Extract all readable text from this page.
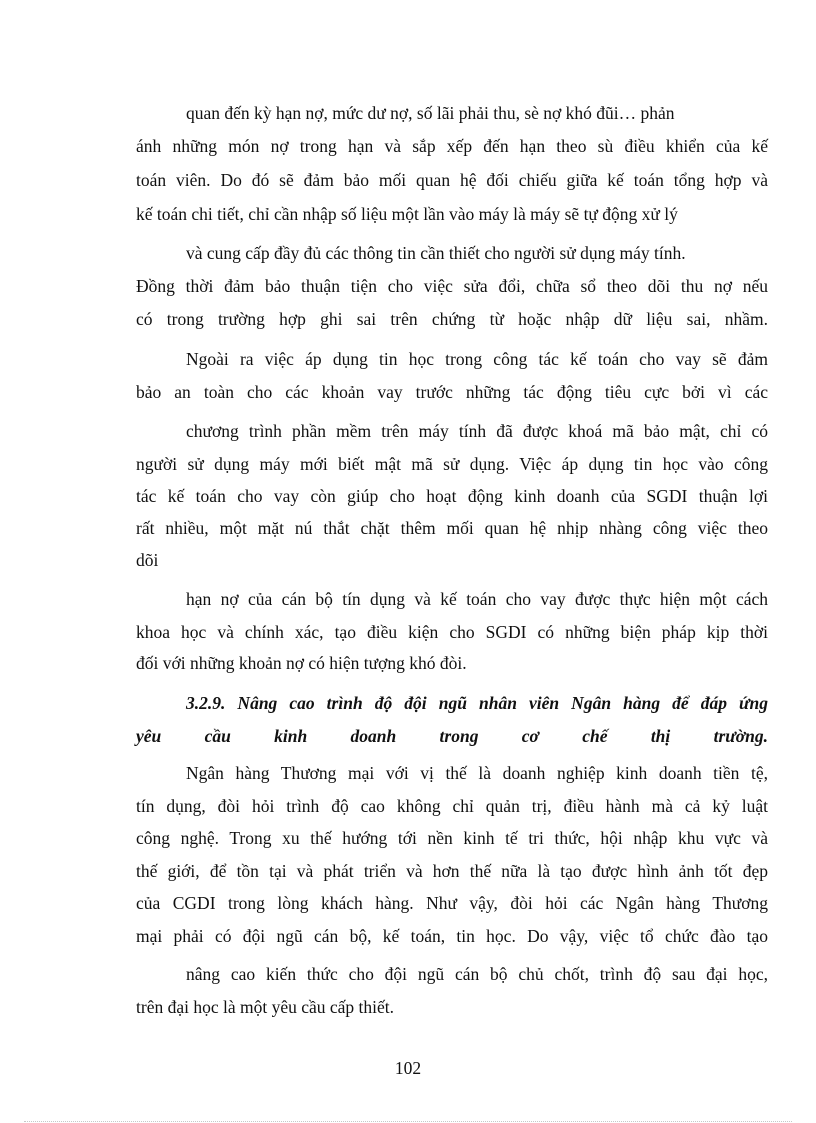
quan đến kỳ hạn nợ, mức dư nợ, số lãi phải thu, sè nợ khó đũi… phản
ánh những món nợ trong hạn và sắp xếp đến hạn theo sù điều khiển của kế
toán viên. Do đó sẽ đảm bảo mối quan hệ đối chiếu giữa kế toán tổng hợp và
kế toán chi tiết, chỉ cần nhập số liệu một lần vào máy là máy sẽ tự động xử lý
và cung cấp đầy đủ các thông tin cần thiết cho người sử dụng máy tính.
Đồng thời đảm bảo thuận tiện cho việc sửa đổi, chữa sổ theo dõi thu nợ nếu
có trong trường hợp ghi sai trên chứng từ hoặc nhập dữ liệu sai, nhầm.
Ngoài ra việc áp dụng tin học trong công tác kế toán cho vay sẽ đảm
bảo an toàn cho các khoản vay trước những tác động tiêu cực bởi vì các
chương trình phần mềm trên máy tính đã được khoá mã bảo mật, chỉ có
người sử dụng máy mới biết mật mã sử dụng. Việc áp dụng tin học vào công
tác kế toán cho vay còn giúp cho hoạt động kinh doanh của SGDI thuận lợi
rất nhiều, một mặt nú thắt chặt thêm mối quan hệ nhịp nhàng công việc theo
dõi
hạn nợ của cán bộ tín dụng và kế toán cho vay được thực hiện một cách
khoa học và chính xác, tạo điều kiện cho SGDI có những biện pháp kịp thời
đối với những khoản nợ có hiện tượng khó đòi.
3.2.9. Nâng cao trình độ đội ngũ nhân viên Ngân hàng để đáp ứng
yêu cầu kinh doanh trong cơ chế thị trường.
Ngân hàng Thương mại với vị thế là doanh nghiệp kinh doanh tiền tệ,
tín dụng, đòi hỏi trình độ cao không chỉ quản trị, điều hành mà cả kỷ luật
công nghệ. Trong xu thế hướng tới nền kinh tế tri thức, hội nhập khu vực và
thế giới, để tồn tại và phát triển và hơn thế nữa là tạo được hình ảnh tốt đẹp
của CGDI trong lòng khách hàng. Như vậy, đòi hỏi các Ngân hàng Thương
mại phải có đội ngũ cán bộ, kế toán, tin học. Do vậy, việc tổ chức đào tạo
nâng cao kiến thức cho đội ngũ cán bộ chủ chốt, trình độ sau đại học,
trên đại học là một yêu cầu cấp thiết.
102
